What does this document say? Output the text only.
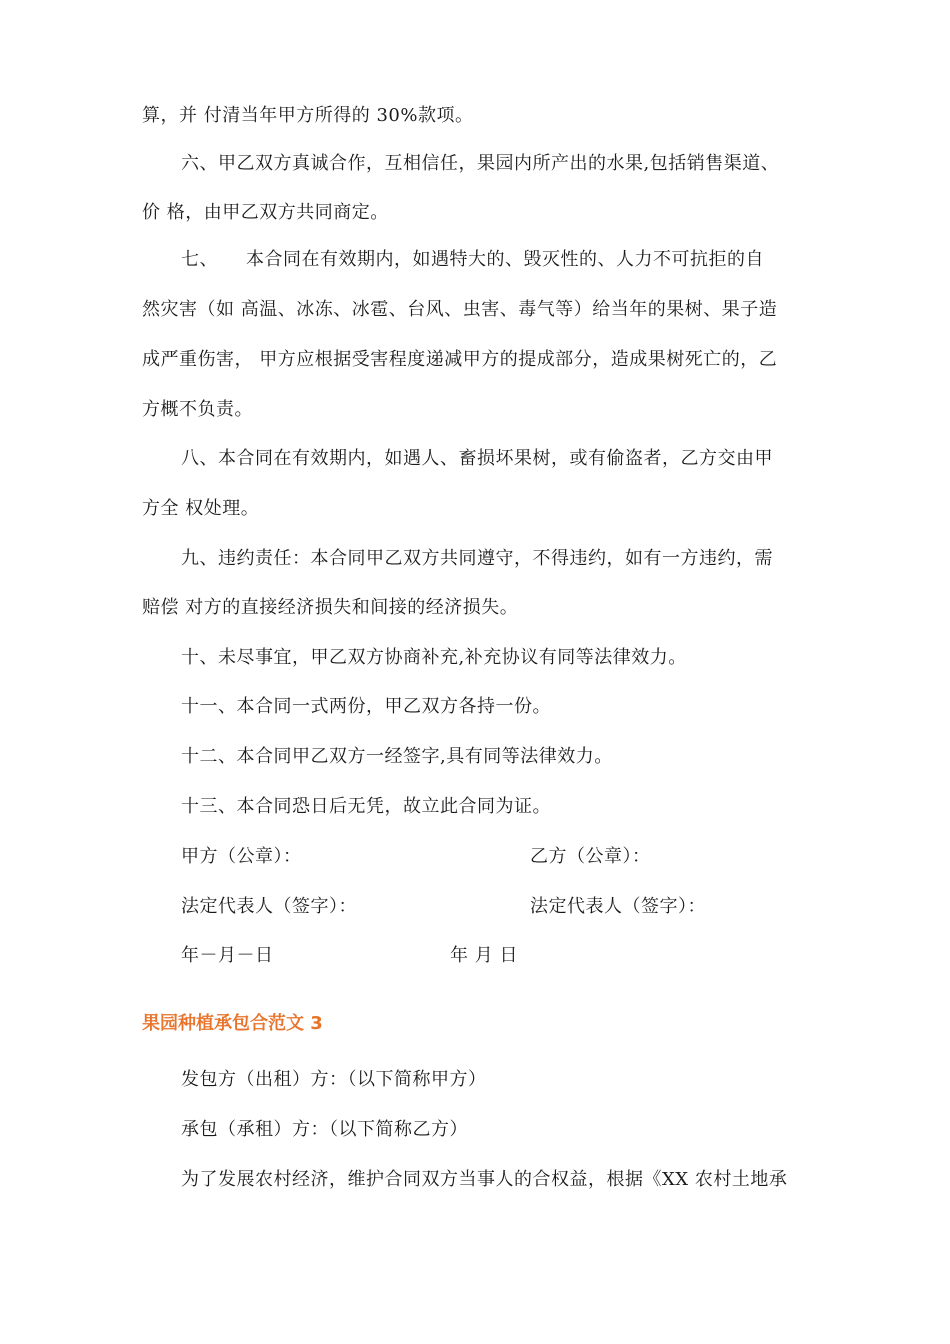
算，并 付清当年甲方所得的 30%款项。
六、甲乙双方真诚合作，互相信任，果园内所产出的水果,包括销售渠道、
价 格，由甲乙双方共同商定。
七、　　本合同在有效期内，如遇特大的、毁灭性的、人力不可抗拒的自
然灾害（如 高温、冰冻、冰雹、台风、虫害、毒气等）给当年的果树、果子造
成严重伤害， 甲方应根据受害程度递减甲方的提成部分，造成果树死亡的，乙
方概不负责。
八、本合同在有效期内，如遇人、畜损坏果树，或有偷盗者，乙方交由甲
方全 权处理。
九、违约责任：本合同甲乙双方共同遵守，不得违约，如有一方违约，需
赔偿 对方的直接经济损失和间接的经济损失。
十、未尽事宜，甲乙双方协商补充,补充协议有同等法律效力。
十一、本合同一式两份，甲乙双方各持一份。
十二、本合同甲乙双方一经签字,具有同等法律效力。
十三、本合同恐日后无凭，故立此合同为证。
甲方（公章）：	乙方（公章）：
法定代表人（签字）：	法定代表人（签字）：
年－月－日	年 月 日
果园种植承包合范文 3
发包方（出租）方：（以下简称甲方）
承包（承租）方：（以下简称乙方）
为了发展农村经济，维护合同双方当事人的合权益，根据《XX 农村土地承
